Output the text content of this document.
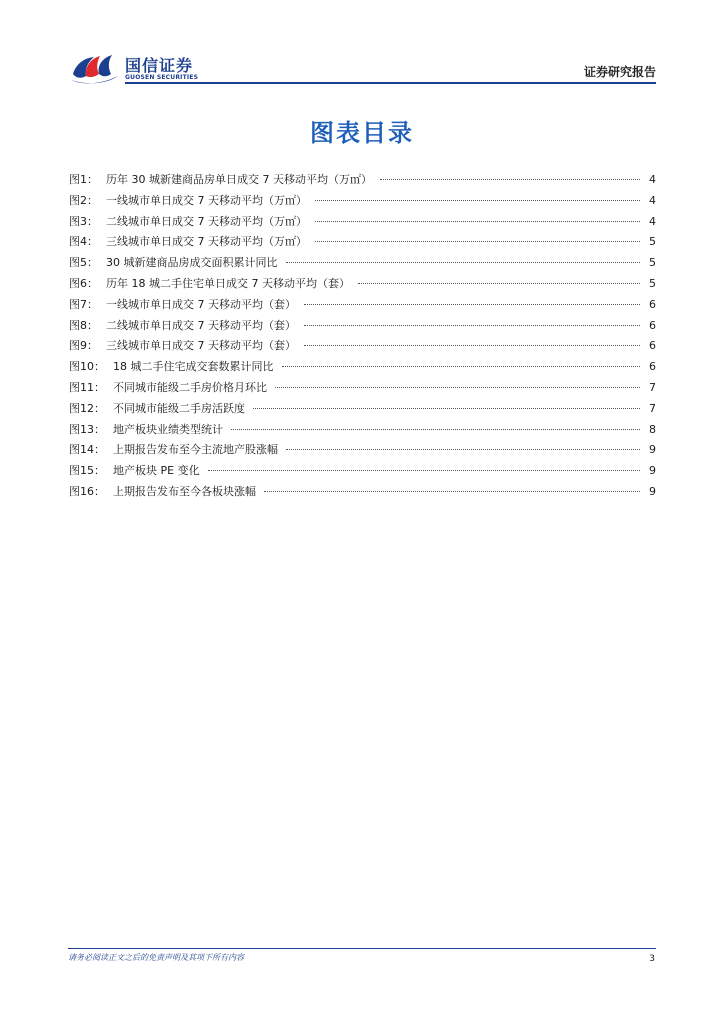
国信证券
GUOSEN SECURITIES	证券研究报告
图表目录
图1： 历年 30 城新建商品房单日成交 7 天移动平均（万㎡）	4
图2： 一线城市单日成交 7 天移动平均（万㎡）	4
图3： 二线城市单日成交 7 天移动平均（万㎡）	4
图4： 三线城市单日成交 7 天移动平均（万㎡）	5
图5： 30 城新建商品房成交面积累计同比	5
图6： 历年 18 城二手住宅单日成交 7 天移动平均（套）	5
图7： 一线城市单日成交 7 天移动平均（套）	6
图8： 二线城市单日成交 7 天移动平均（套）	6
图9： 三线城市单日成交 7 天移动平均（套）	6
图10： 18 城二手住宅成交套数累计同比	6
图11： 不同城市能级二手房价格月环比	7
图12： 不同城市能级二手房活跃度	7
图13： 地产板块业绩类型统计	8
图14： 上期报告发布至今主流地产股涨幅	9
图15： 地产板块 PE 变化	9
图16： 上期报告发布至今各板块涨幅	9
请务必阅读正文之后的免责声明及其项下所有内容	3
